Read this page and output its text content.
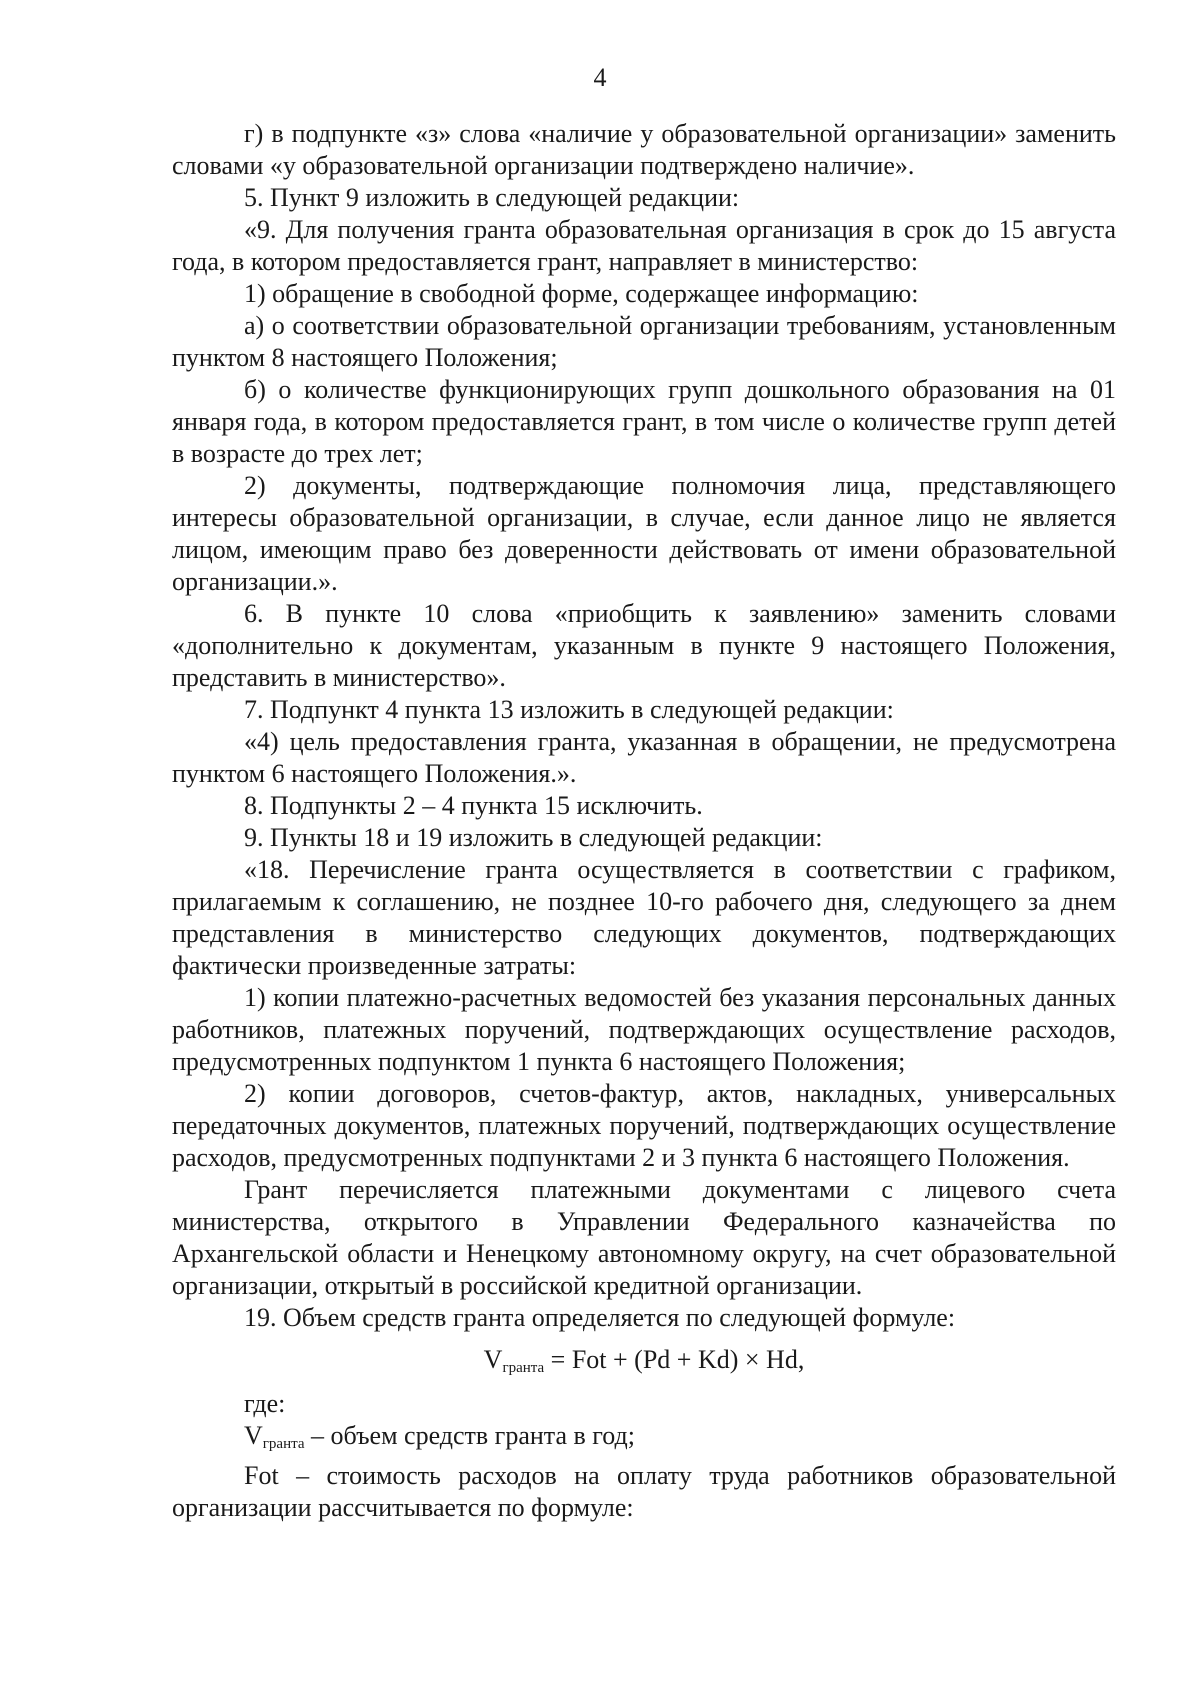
4

г) в подпункте «з» слова «наличие у образовательной организации» заменить словами «у образовательной организации подтверждено наличие».

5. Пункт 9 изложить в следующей редакции:

«9. Для получения гранта образовательная организация в срок до 15 августа года, в котором предоставляется грант, направляет в министерство:

1) обращение в свободной форме, содержащее информацию:

а) о соответствии образовательной организации требованиям, установленным пунктом 8 настоящего Положения;

б) о количестве функционирующих групп дошкольного образования на 01 января года, в котором предоставляется грант, в том числе о количестве групп детей в возрасте до трех лет;

2) документы, подтверждающие полномочия лица, представляющего интересы образовательной организации, в случае, если данное лицо не является лицом, имеющим право без доверенности действовать от имени образовательной организации.».

6. В пункте 10 слова «приобщить к заявлению» заменить словами «дополнительно к документам, указанным в пункте 9 настоящего Положения, представить в министерство».

7. Подпункт 4 пункта 13 изложить в следующей редакции:

«4) цель предоставления гранта, указанная в обращении, не предусмотрена пунктом 6 настоящего Положения.».

8. Подпункты 2 – 4 пункта 15 исключить.

9. Пункты 18 и 19 изложить в следующей редакции:

«18. Перечисление гранта осуществляется в соответствии с графиком, прилагаемым к соглашению, не позднее 10-го рабочего дня, следующего за днем представления в министерство следующих документов, подтверждающих фактически произведенные затраты:

1) копии платежно-расчетных ведомостей без указания персональных данных работников, платежных поручений, подтверждающих осуществление расходов, предусмотренных подпунктом 1 пункта 6 настоящего Положения;

2) копии договоров, счетов-фактур, актов, накладных, универсальных передаточных документов, платежных поручений, подтверждающих осуществление расходов, предусмотренных подпунктами 2 и 3 пункта 6 настоящего Положения.

Грант перечисляется платежными документами с лицевого счета министерства, открытого в Управлении Федерального казначейства по Архангельской области и Ненецкому автономному округу, на счет образовательной организации, открытый в российской кредитной организации.

19. Объем средств гранта определяется по следующей формуле:

$V_{гранта}$ = Fot + (Pd + Kd) × Hd,

где:

$V_{гранта}$ – объем средств гранта в год;

Fot – стоимость расходов на оплату труда работников образовательной организации рассчитывается по формуле:
